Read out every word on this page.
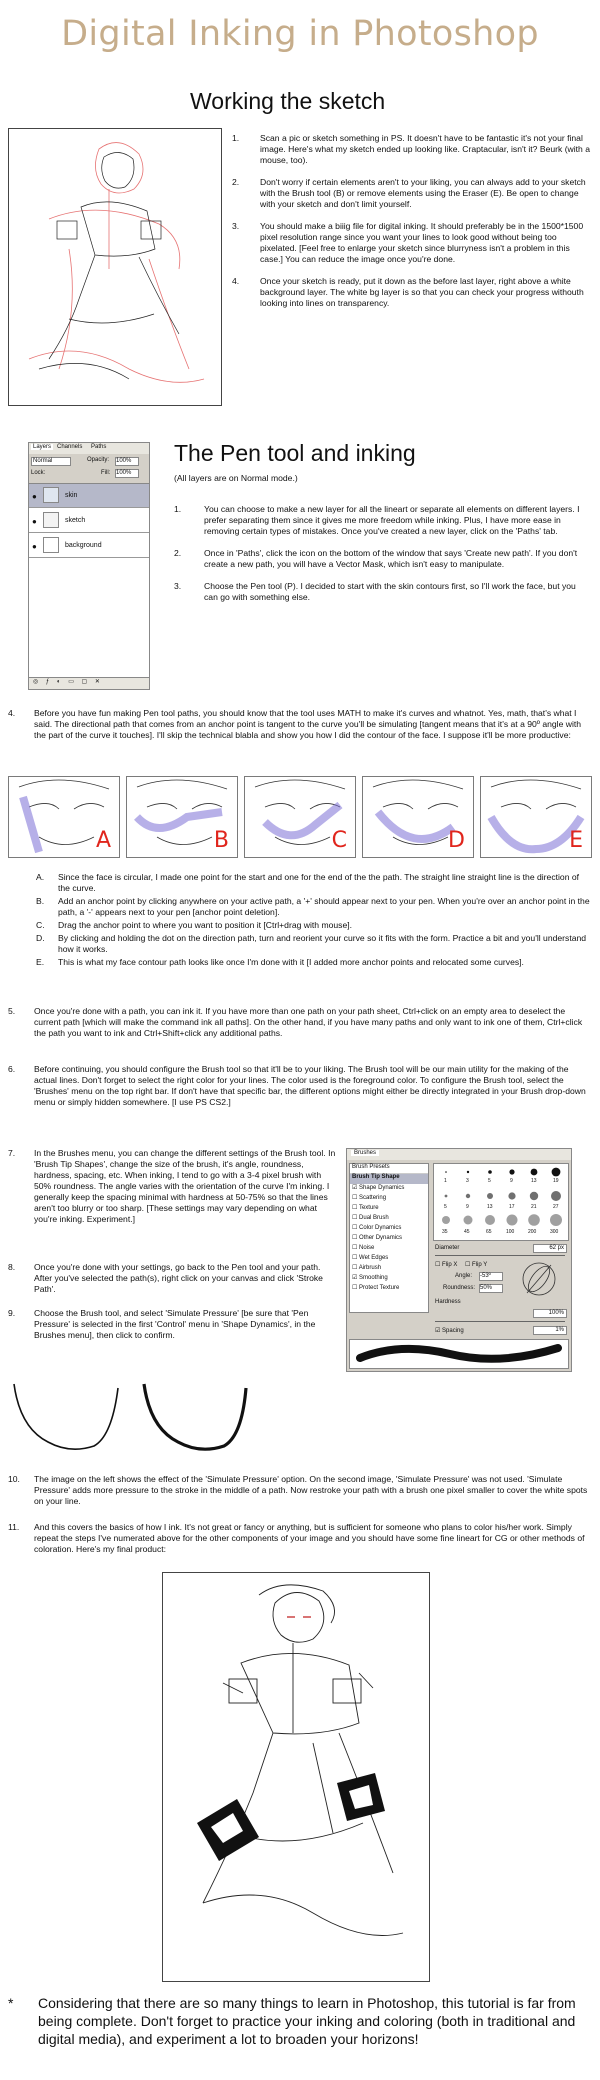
Digital Inking in Photoshop
Working the sketch
1. Scan a pic or sketch something in PS. It doesn't have to be fantastic it's not your final image. Here's what my sketch ended up looking like. Craptacular, isn't it? Beurk (with a mouse, too).
2. Don't worry if certain elements aren't to your liking, you can always add to your sketch with the Brush tool (B) or remove elements using the Eraser (E). Be open to change with your sketch and don't limit yourself.
3. You should make a biiig file for digital inking. It should preferably be in the 1500*1500 pixel resolution range since you want your lines to look good without being too pixelated. [Feel free to enlarge your sketch since blurryness isn't a problem in this case.] You can reduce the image once you're done.
4. Once your sketch is ready, put it down as the before last layer, right above a white background layer. The white bg layer is so that you can check your progress withouth looking into lines on transparency.
Layers Channels Paths
Normal	Opacity: 100%
Lock:	Fill: 100%
●	skin
●	sketch
●	background
◎ ƒ ◐ ▭ ▢ ✕
The Pen tool and inking
(All layers are on Normal mode.)
1.	You can choose to make a new layer for all the lineart or separate all elements on different layers. I prefer separating them since it gives me more freedom while inking. Plus, I have more ease in removing certain types of mistakes. Once you've created a new layer, click on the 'Paths' tab.
2.	Once in 'Paths', click the icon on the bottom of the window that says 'Create new path'. If you don't create a new path, you will have a Vector Mask, which isn't easy to manipulate.
3.	Choose the Pen tool (P). I decided to start with the skin contours first, so I'll work the face, but you can go with something else.
4. Before you have fun making Pen tool paths, you should know that the tool uses MATH to make it's curves and whatnot. Yes, math, that's what I said. The directional path that comes from an anchor point is tangent to the curve you'll be simulating [tangent means that it's at a 90º angle with the part of the curve it touches]. I'll skip the technical blabla and show you how I did the contour of the face. I suppose it'll be more productive:
A	B	C	D	E
A. Since the face is circular, I made one point for the start and one for the end of the the path. The straight line straight line is the direction of the curve.
B. Add an anchor point by clicking anywhere on your active path, a '+' should appear next to your pen. When you're over an anchor point in the path, a '-' appears next to your pen [anchor point deletion].
C. Drag the anchor point to where you want to position it [Ctrl+drag with mouse].
D. By clicking and holding the dot on the direction path, turn and reorient your curve so it fits with the form. Practice a bit and you'll understand how it works.
E. This is what my face contour path looks like once I'm done with it [I added more anchor points and relocated some curves].
5. Once you're done with a path, you can ink it. If you have more than one path on your path sheet, Ctrl+click on an empty area to deselect the current path [which will make the command ink all paths]. On the other hand, if you have many paths and only want to ink one of them, Ctrl+click the path you want to ink and Ctrl+Shift+click any additional paths.
6. Before continuing, you should configure the Brush tool so that it'll be to your liking. The Brush tool will be our main utility for the making of the actual lines. Don't forget to select the right color for your lines. The color used is the foreground color. To configure the Brush tool, select the 'Brushes' menu on the top right bar. If don't have that specific bar, the different options might either be directly integrated in your Brush drop-down menu or simply hidden somewhere. [I use PS CS2.]
7. In the Brushes menu, you can change the different settings of the Brush tool. In 'Brush Tip Shapes', change the size of the brush, it's angle, roundness, hardness, spacing, etc. When inking, I tend to go with a 3-4 pixel brush with 50% roundness. The angle varies with the orientation of the curve I'm inking. I generally keep the spacing minimal with hardness at 50-75% so that the lines aren't too blurry or too sharp. [These settings may vary depending on what you're inking. Experiment.]
8. Once you're done with your settings, go back to the Pen tool and your path. After you've selected the path(s), right click on your canvas and click 'Stroke Path'.
9. Choose the Brush tool, and select 'Simulate Pressure' [be sure that 'Pen Pressure' is selected in the first 'Control' menu in 'Shape Dynamics', in the Brushes menu], then click to confirm.
Brushes
Brush Presets
Brush Tip Shape
☑ Shape Dynamics
☐ Scattering
☐ Texture
☐ Dual Brush
☐ Color Dynamics
☐ Other Dynamics
☐ Noise
☐ Wet Edges
☐ Airbrush
☑ Smoothing
☐ Protect Texture
1	3	5	9	13	19
5	9	13	17	21	27
35	45	65	100	200	300
Diameter	62 px
☐ Flip X ☐ Flip Y
Angle: -53º
Roundness: 50%
Hardness
100%
☑ Spacing	1%
10. The image on the left shows the effect of the 'Simulate Pressure' option. On the second image, 'Simulate Pressure' was not used. 'Simulate Pressure' adds more pressure to the stroke in the middle of a path. Now restroke your path with a brush one pixel smaller to cover the white spots on your line.
11. And this covers the basics of how I ink. It's not great or fancy or anything, but is sufficient for someone who plans to color his/her work. Simply repeat the steps I've numerated above for the other components of your image and you should have some fine lineart for CG or other methods of coloration. Here's my final product:
* Considering that there are so many things to learn in Photoshop, this tutorial is far from being complete. Don't forget to practice your inking and coloring (both in traditional and digital media), and experiment a lot to broaden your horizons!
